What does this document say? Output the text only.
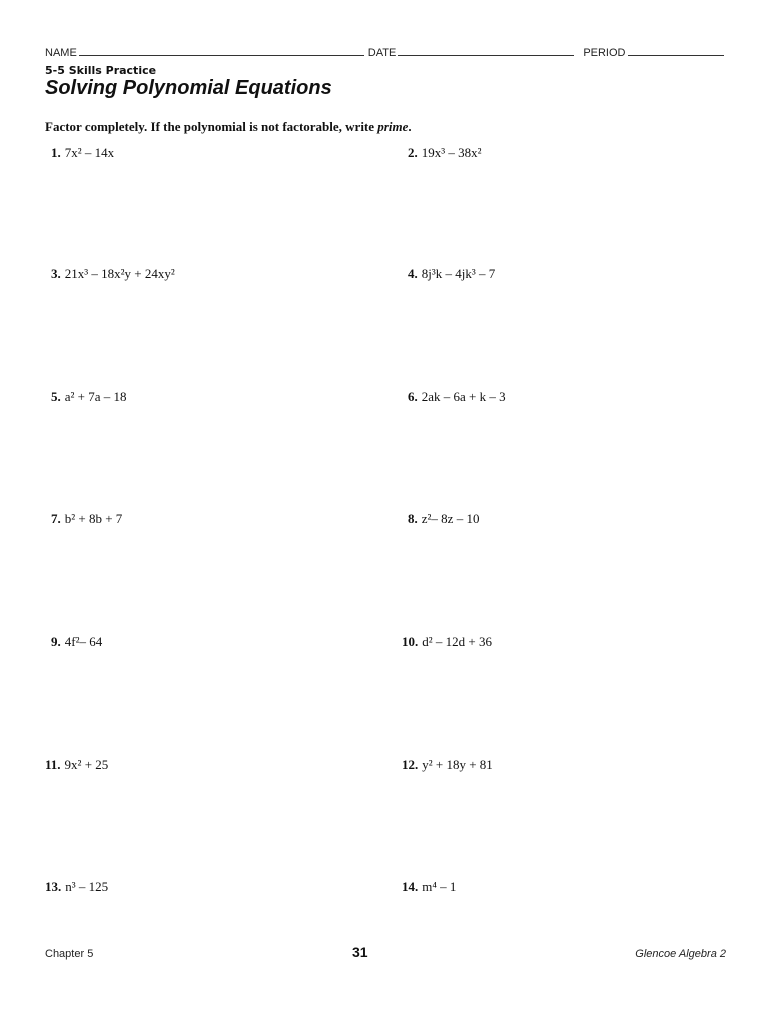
NAME	DATE	PERIOD
5-5 Skills Practice
Solving Polynomial Equations
Factor completely. If the polynomial is not factorable, write prime.
1. 7x² – 14x	2. 19x³ – 38x²
3. 21x³ – 18x²y + 24xy²	4. 8j³k – 4jk³ – 7
5. a² + 7a – 18	6. 2ak – 6a + k – 3
7. b² + 8b + 7	8. z²– 8z – 10
9. 4f²– 64	10. d² – 12d + 36
11. 9x² + 25	12. y² + 18y + 81
13. n³ – 125	14. m⁴ – 1
Chapter 5	31	Glencoe Algebra 2
